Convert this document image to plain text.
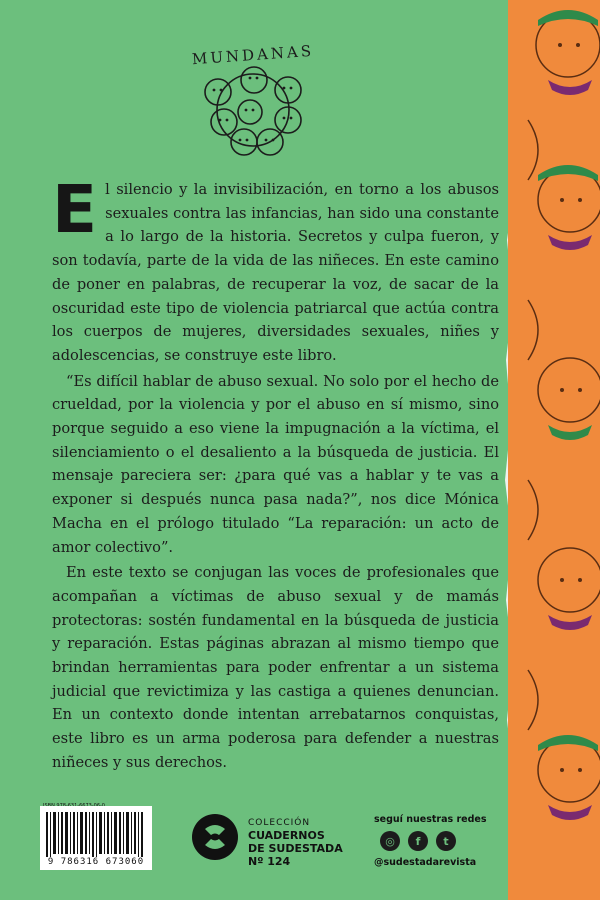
MUNDANAS

El silencio y la invisibilización, en torno a los abusos sexuales contra las infancias, han sido una constante a lo largo de la historia. Secretos y culpa fueron, y son todavía, parte de la vida de las niñeces. En este camino de poner en palabras, de recuperar la voz, de sacar de la oscuridad este tipo de violencia patriarcal que actúa contra los cuerpos de mujeres, diversidades sexuales, niñes y adolescencias, se construye este libro.

“Es difícil hablar de abuso sexual. No solo por el hecho de crueldad, por la violencia y por el abuso en sí mismo, sino porque seguido a eso viene la impugnación a la víctima, el silenciamiento o el desaliento a la búsqueda de justicia. El mensaje pareciera ser: ¿para qué vas a hablar y te vas a exponer si después nunca pasa nada?”, nos dice Mónica Macha en el prólogo titulado “La reparación: un acto de amor colectivo”.

En este texto se conjugan las voces de profesionales que acompañan a víctimas de abuso sexual y de mamás protectoras: sostén fundamental en la búsqueda de justicia y reparación. Estas páginas abrazan al mismo tiempo que brindan herramientas para poder enfrentar a un sistema judicial que revictimiza y las castiga a quienes denuncian. En un contexto donde intentan arrebatarnos conquistas, este libro es un arma poderosa para defender a nuestras niñeces y sus derechos.

9 786316 673060
COLECCIÓN
CUADERNOS
DE SUDESTADA
Nº 124
seguí nuestras redes
◎	f	t
@sudestadarevista
